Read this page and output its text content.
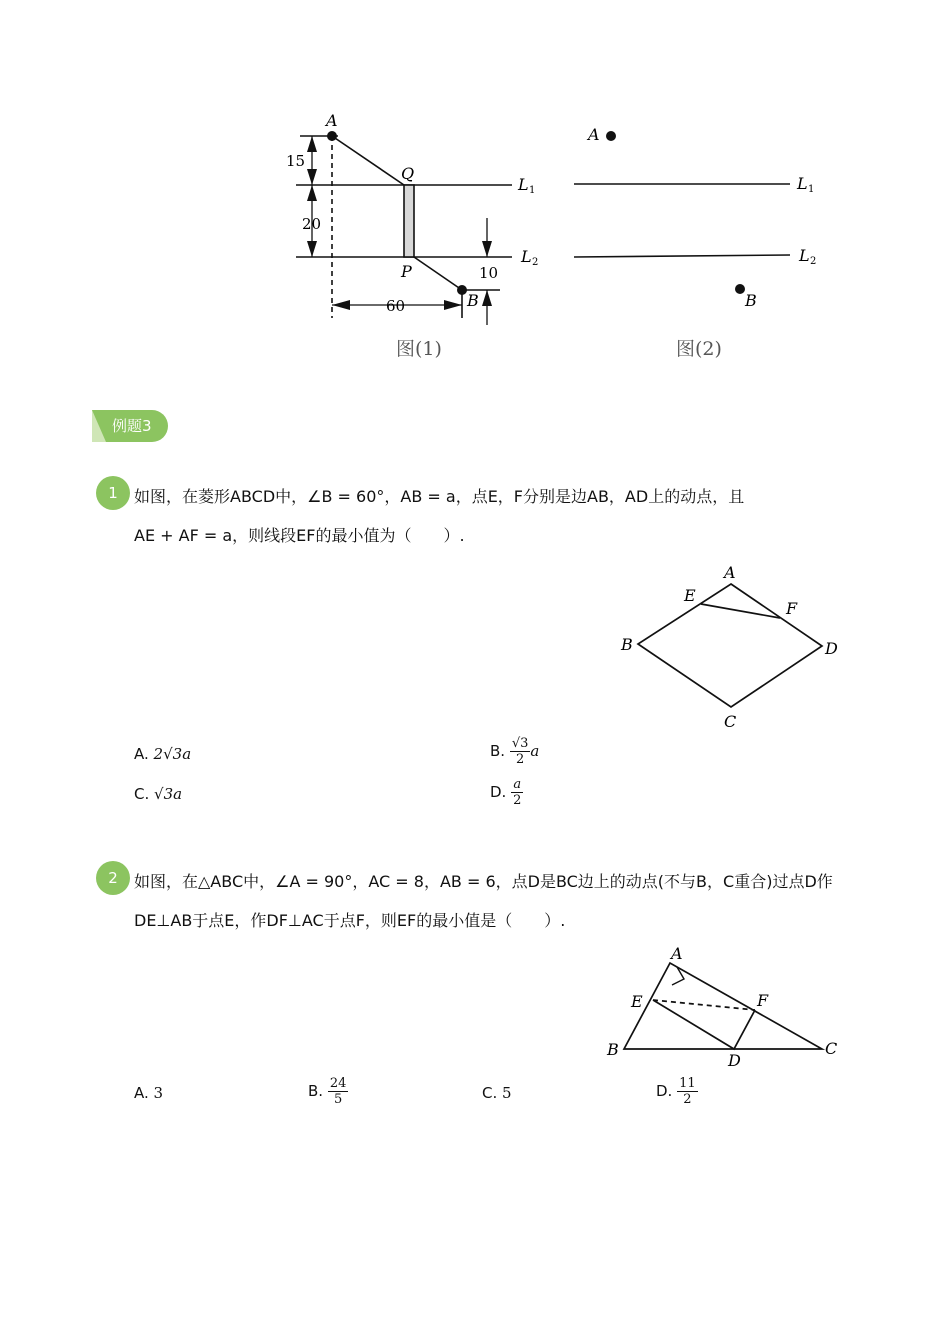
A
Q
P
B
L 1
L 2
15
20
60
10
A
B
L 1
L 2
图(1)	图(2)
例题3
1	如图，在菱形ABCD中，∠B = 60°，AB = a，点E，F分别是边AB，AD上的动点，且
AE + AF = a，则线段EF的最小值为（　　）.
A
B
C
D
E
F
A. 2√3a	B. $\frac{√3}{2}$ a
C. √3a	D. $\frac{a}{2}$
2	如图，在△ABC中，∠A = 90°，AC = 8，AB = 6，点D是BC边上的动点(不与B，C重合)过点D作
DE⊥AB于点E，作DF⊥AC于点F，则EF的最小值是（　　）.
A
B	C
D
E	F
A. 3	B. $\frac{24}{5}$	C. 5	D. $\frac{11}{2}$
